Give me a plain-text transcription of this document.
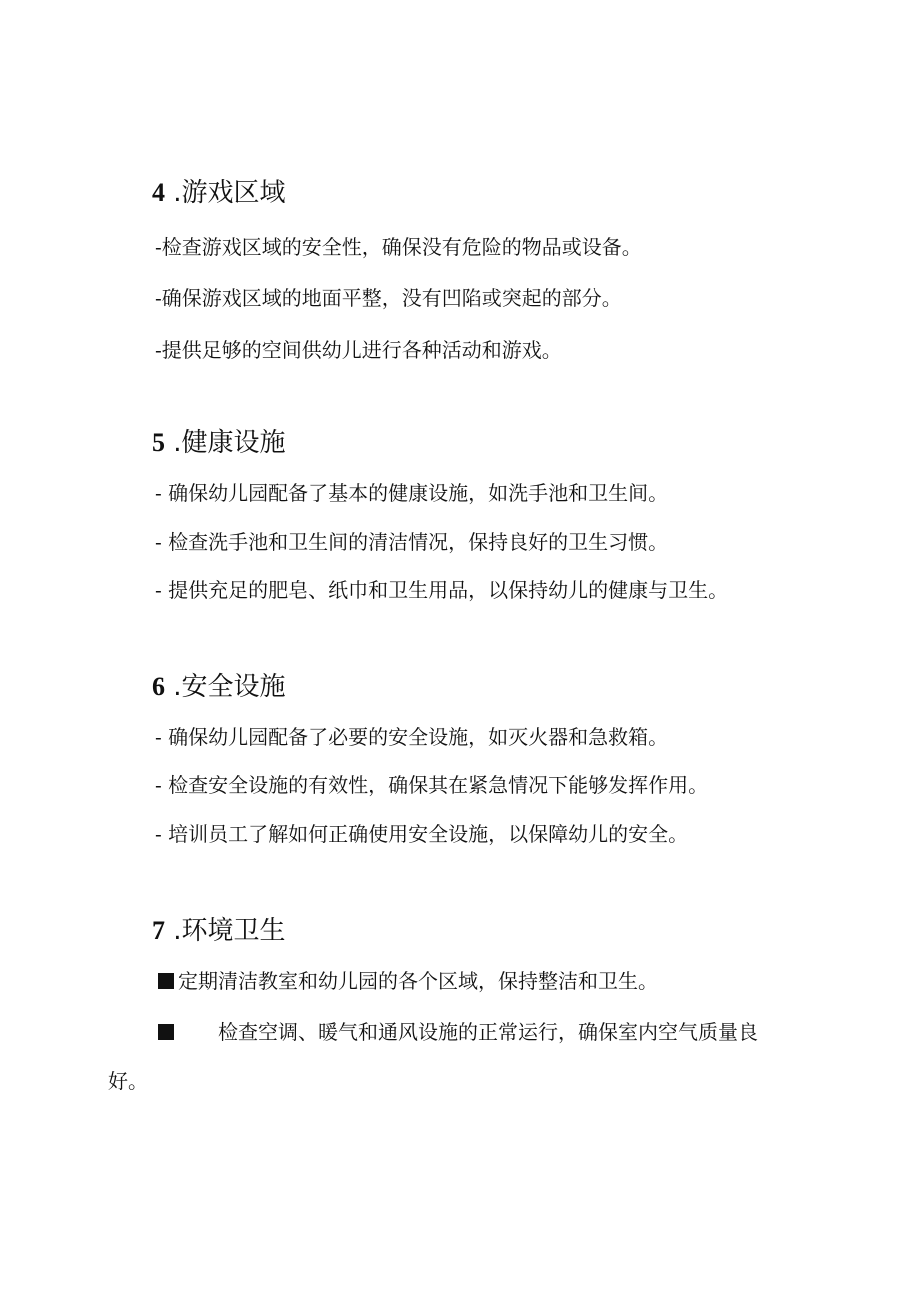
4 .游戏区域

-检查游戏区域的安全性，确保没有危险的物品或设备。

-确保游戏区域的地面平整，没有凹陷或突起的部分。

-提供足够的空间供幼儿进行各种活动和游戏。

5 .健康设施

- 确保幼儿园配备了基本的健康设施，如洗手池和卫生间。

- 检查洗手池和卫生间的清洁情况，保持良好的卫生习惯。

- 提供充足的肥皂、纸巾和卫生用品，以保持幼儿的健康与卫生。

6 .安全设施

- 确保幼儿园配备了必要的安全设施，如灭火器和急救箱。

- 检查安全设施的有效性，确保其在紧急情况下能够发挥作用。

- 培训员工了解如何正确使用安全设施，以保障幼儿的安全。

7 .环境卫生

定期清洁教室和幼儿园的各个区域，保持整洁和卫生。

检查空调、暖气和通风设施的正常运行，确保室内空气质量良

好。
